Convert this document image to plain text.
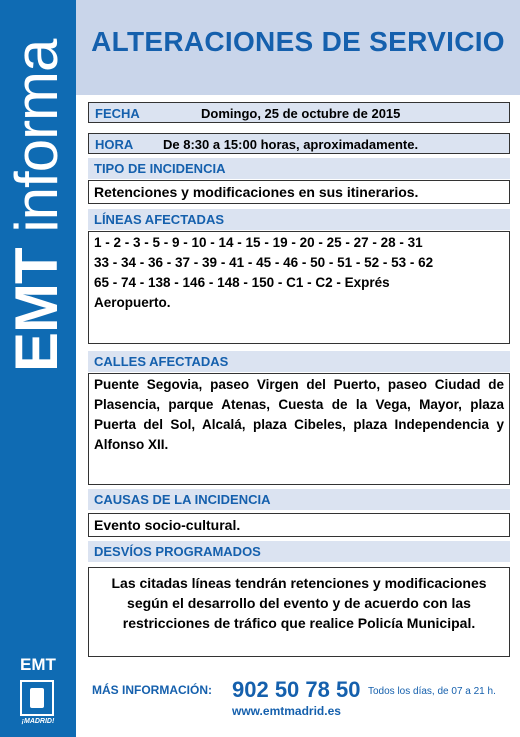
EMT informa
EMT
¡MADRID!
ALTERACIONES DE SERVICIO
FECHA	Domingo, 25 de octubre de 2015
HORA De 8:30 a 15:00 horas, aproximadamente.
TIPO DE INCIDENCIA
Retenciones y modificaciones en sus itinerarios.
LÍNEAS AFECTADAS
1 - 2 - 3 - 5 - 9 - 10 - 14 - 15 - 19 - 20 - 25 - 27 - 28 - 31
33 - 34 - 36 - 37 - 39 - 41 - 45 - 46 - 50 - 51 - 52 - 53 - 62
65 - 74 - 138 - 146 - 148 - 150 - C1 - C2 - Exprés
Aeropuerto.
CALLES AFECTADAS
Puente Segovia, paseo Virgen del Puerto, paseo Ciudad de Plasencia, parque Atenas, Cuesta de la Vega, Mayor, plaza Puerta del Sol, Alcalá, plaza Cibeles, plaza Independencia y Alfonso XII.
CAUSAS DE LA INCIDENCIA
Evento socio-cultural.
DESVÍOS PROGRAMADOS
Las citadas líneas tendrán retenciones y modificaciones según el desarrollo del evento y de acuerdo con las restricciones de tráfico que realice Policía Municipal.
MÁS INFORMACIÓN: 902 50 78 50
www.emtmadrid.es
Todos los días, de 07 a 21 h.
